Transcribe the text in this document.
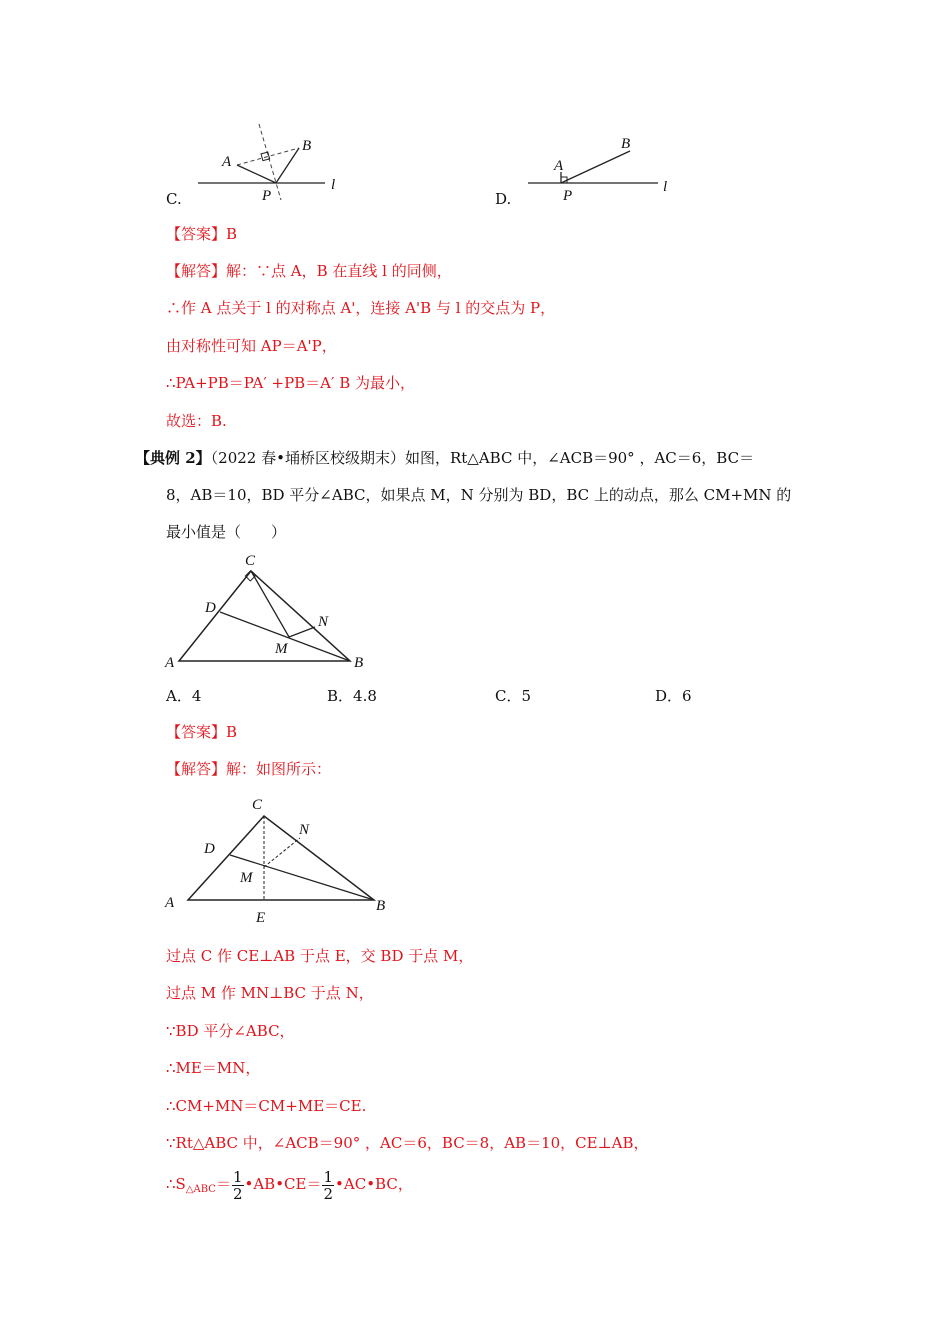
A
B
P
l
A
B
P
l
C
D
N
M
A	B
C
N
D
M
A
E
B
C.	D.
【答案】B
【解答】解：∵点 A，B 在直线 l 的同侧，
∴作 A 点关于 l 的对称点 A'，连接 A'B 与 l 的交点为 P，
由对称性可知 AP＝A'P，
∴PA+PB＝PA′ +PB＝A′ B 为最小，
故选：B.
【典例 2】（2022 春•埇桥区校级期末）如图，Rt△ABC 中，∠ACB＝90° ，AC＝6，BC＝
8，AB＝10，BD 平分∠ABC，如果点 M，N 分别为 BD，BC 上的动点，那么 CM+MN 的
最小值是（　　）
A．4	B．4.8	C．5	D．6
【答案】B
【解答】解：如图所示：
过点 C 作 CE⊥AB 于点 E，交 BD 于点 M，
过点 M 作 MN⊥BC 于点 N，
∵BD 平分∠ABC，
∴ME＝MN，
∴CM+MN＝CM+ME＝CE.
∵Rt△ABC 中，∠ACB＝90° ，AC＝6，BC＝8，AB＝10，CE⊥AB，
$\therefore S_{\triangle ABC}= \frac{1}{2}$ •AB•CE＝ $\frac{1}{2}$ •AC•BC，
